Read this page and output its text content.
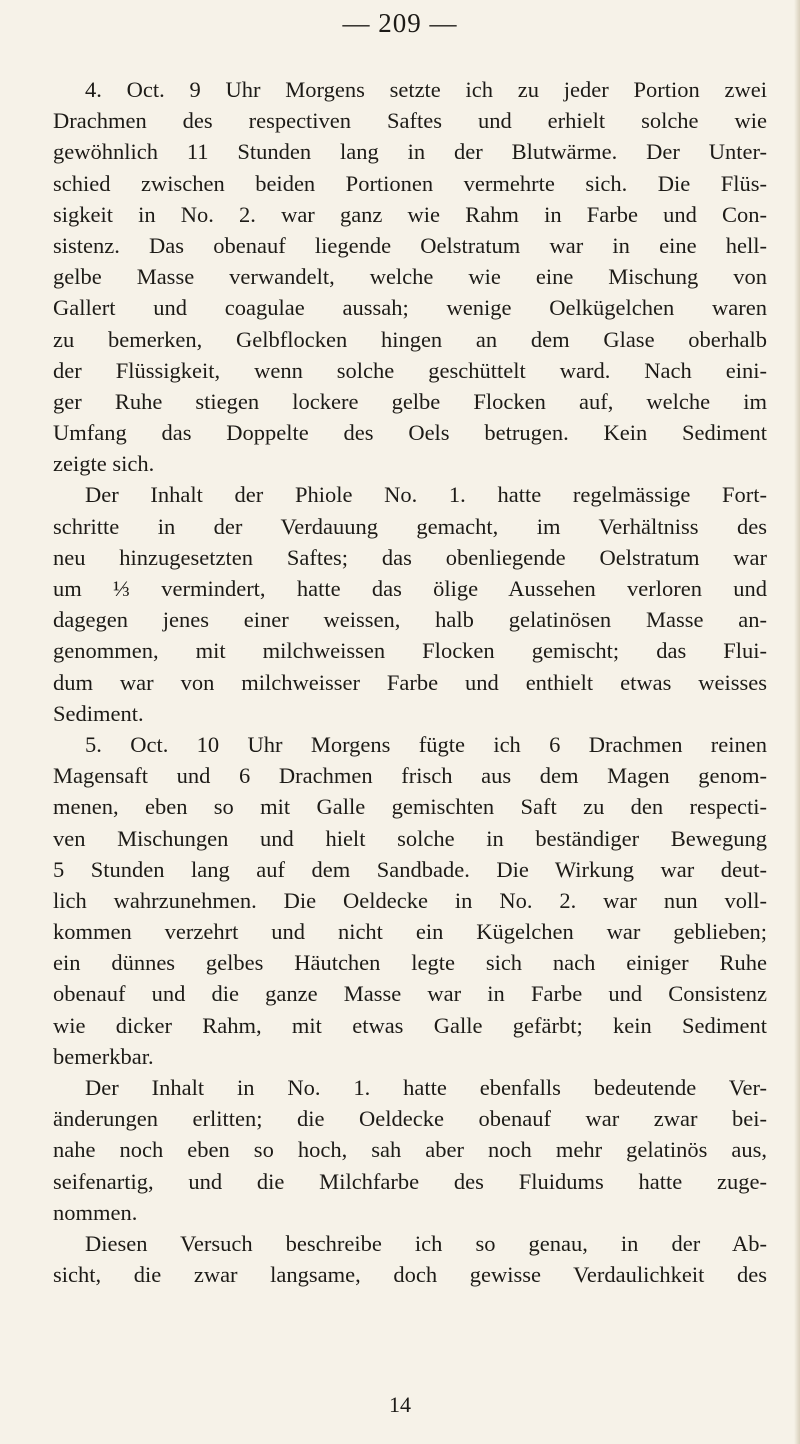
— 209 —
4. Oct. 9 Uhr Morgens setzte ich zu jeder Portion zwei
Drachmen des respectiven Saftes und erhielt solche wie
gewöhnlich 11 Stunden lang in der Blutwärme. Der Unter-
schied zwischen beiden Portionen vermehrte sich. Die Flüs-
sigkeit in No. 2. war ganz wie Rahm in Farbe und Con-
sistenz. Das obenauf liegende Oelstratum war in eine hell-
gelbe Masse verwandelt, welche wie eine Mischung von
Gallert und coagulae aussah; wenige Oelkügelchen waren
zu bemerken, Gelbflocken hingen an dem Glase oberhalb
der Flüssigkeit, wenn solche geschüttelt ward. Nach eini-
ger Ruhe stiegen lockere gelbe Flocken auf, welche im
Umfang das Doppelte des Oels betrugen. Kein Sediment
zeigte sich.
Der Inhalt der Phiole No. 1. hatte regelmässige Fort-
schritte in der Verdauung gemacht, im Verhältniss des
neu hinzugesetzten Saftes; das obenliegende Oelstratum war
um ⅓ vermindert, hatte das ölige Aussehen verloren und
dagegen jenes einer weissen, halb gelatinösen Masse an-
genommen, mit milchweissen Flocken gemischt; das Flui-
dum war von milchweisser Farbe und enthielt etwas weisses
Sediment.
5. Oct. 10 Uhr Morgens fügte ich 6 Drachmen reinen
Magensaft und 6 Drachmen frisch aus dem Magen genom-
menen, eben so mit Galle gemischten Saft zu den respecti-
ven Mischungen und hielt solche in beständiger Bewegung
5 Stunden lang auf dem Sandbade. Die Wirkung war deut-
lich wahrzunehmen. Die Oeldecke in No. 2. war nun voll-
kommen verzehrt und nicht ein Kügelchen war geblieben;
ein dünnes gelbes Häutchen legte sich nach einiger Ruhe
obenauf und die ganze Masse war in Farbe und Consistenz
wie dicker Rahm, mit etwas Galle gefärbt; kein Sediment
bemerkbar.
Der Inhalt in No. 1. hatte ebenfalls bedeutende Ver-
änderungen erlitten; die Oeldecke obenauf war zwar bei-
nahe noch eben so hoch, sah aber noch mehr gelatinös aus,
seifenartig, und die Milchfarbe des Fluidums hatte zuge-
nommen.
Diesen Versuch beschreibe ich so genau, in der Ab-
sicht, die zwar langsame, doch gewisse Verdaulichkeit des
14
